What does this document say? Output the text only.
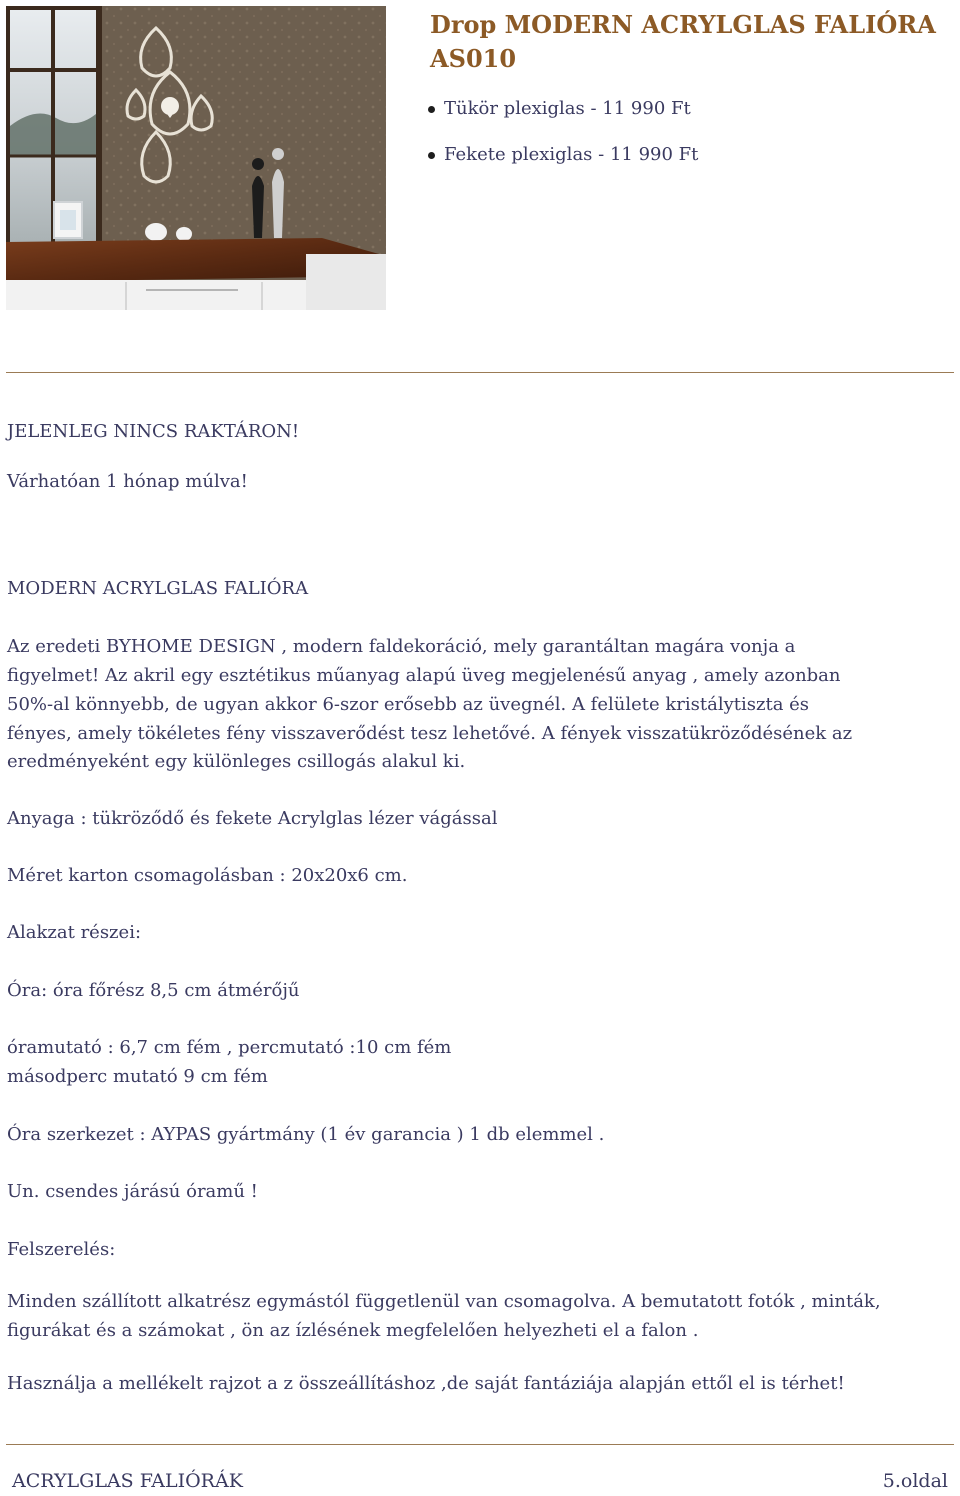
Drop MODERN ACRYLGLAS FALIÓRA AS010
Tükör plexiglas - 11 990 Ft
Fekete plexiglas - 11 990 Ft
JELENLEG NINCS RAKTÁRON!
Várhatóan 1 hónap múlva!
MODERN ACRYLGLAS FALIÓRA
Az eredeti BYHOME DESIGN , modern faldekoráció, mely garantáltan magára vonja a
figyelmet! Az akril egy esztétikus műanyag alapú üveg megjelenésű anyag , amely azonban
50%-al könnyebb, de ugyan akkor 6-szor erősebb az üvegnél. A felülete kristálytiszta és
fényes, amely tökéletes fény visszaverődést tesz lehetővé. A fények visszatükröződésének az
eredményeként egy különleges csillogás alakul ki.
Anyaga : tükröződő és fekete Acrylglas lézer vágással
Méret karton csomagolásban : 20x20x6 cm.
Alakzat részei:
Óra: óra főrész 8,5 cm átmérőjű
óramutató : 6,7 cm fém , percmutató :10 cm fém
másodperc mutató 9 cm fém
Óra szerkezet : AYPAS gyártmány (1 év garancia ) 1 db elemmel .
Un. csendes járású óramű !
Felszerelés:
Minden szállított alkatrész egymástól függetlenül van csomagolva. A bemutatott fotók , minták,
figurákat és a számokat , ön az ízlésének megfelelően helyezheti el a falon .
Használja a mellékelt rajzot a z összeállításhoz ,de saját fantáziája alapján ettől el is térhet!
ACRYLGLAS FALIÓRÁK	5.oldal
